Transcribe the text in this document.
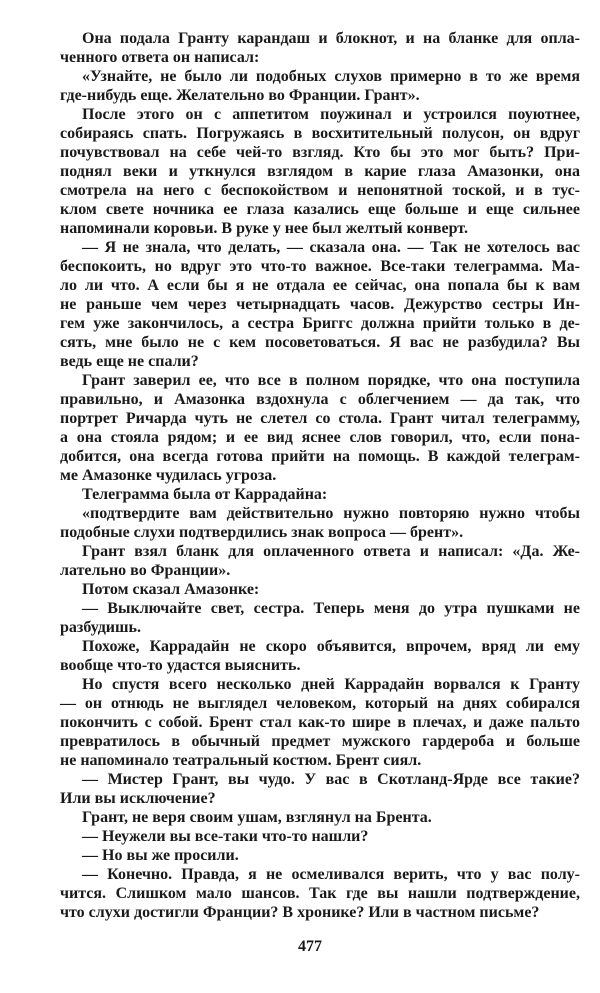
Она подала Гранту карандаш и блокнот, и на бланке для опла-
ченного ответа он написал:
«Узнайте, не было ли подобных слухов примерно в то же время
где-нибудь еще. Желательно во Франции. Грант».
После этого он с аппетитом поужинал и устроился поуютнее,
собираясь спать. Погружаясь в восхитительный полусон, он вдруг
почувствовал на себе чей-то взгляд. Кто бы это мог быть? При-
поднял веки и уткнулся взглядом в карие глаза Амазонки, она
смотрела на него с беспокойством и непонятной тоской, и в тус-
клом свете ночника ее глаза казались еще больше и еще сильнее
напоминали коровьи. В руке у нее был желтый конверт.
— Я не знала, что делать, — сказала она. — Так не хотелось вас
беспокоить, но вдруг это что-то важное. Все-таки телеграмма. Ма-
ло ли что. А если бы я не отдала ее сейчас, она попала бы к вам
не раньше чем через четырнадцать часов. Дежурство сестры Ин-
гем уже закончилось, а сестра Бриггс должна прийти только в де-
сять, мне было не с кем посоветоваться. Я вас не разбудила? Вы
ведь еще не спали?
Грант заверил ее, что все в полном порядке, что она поступила
правильно, и Амазонка вздохнула с облегчением — да так, что
портрет Ричарда чуть не слетел со стола. Грант читал телеграмму,
а она стояла рядом; и ее вид яснее слов говорил, что, если пона-
добится, она всегда готова прийти на помощь. В каждой телеграм-
ме Амазонке чудилась угроза.
Телеграмма была от Каррадайна:
«подтвердите вам действительно нужно повторяю нужно чтобы
подобные слухи подтвердились знак вопроса — брент».
Грант взял бланк для оплаченного ответа и написал: «Да. Же-
лательно во Франции».
Потом сказал Амазонке:
— Выключайте свет, сестра. Теперь меня до утра пушками не
разбудишь.
Похоже, Каррадайн не скоро объявится, впрочем, вряд ли ему
вообще что-то удастся выяснить.
Но спустя всего несколько дней Каррадайн ворвался к Гранту
— он отнюдь не выглядел человеком, который на днях собирался
покончить с собой. Брент стал как-то шире в плечах, и даже пальто
превратилось в обычный предмет мужского гардероба и больше
не напоминало театральный костюм. Брент сиял.
— Мистер Грант, вы чудо. У вас в Скотланд-Ярде все такие?
Или вы исключение?
Грант, не веря своим ушам, взглянул на Брента.
— Неужели вы все-таки что-то нашли?
— Но вы же просили.
— Конечно. Правда, я не осмеливался верить, что у вас полу-
чится. Слишком мало шансов. Так где вы нашли подтверждение,
что слухи достигли Франции? В хронике? Или в частном письме?
477
